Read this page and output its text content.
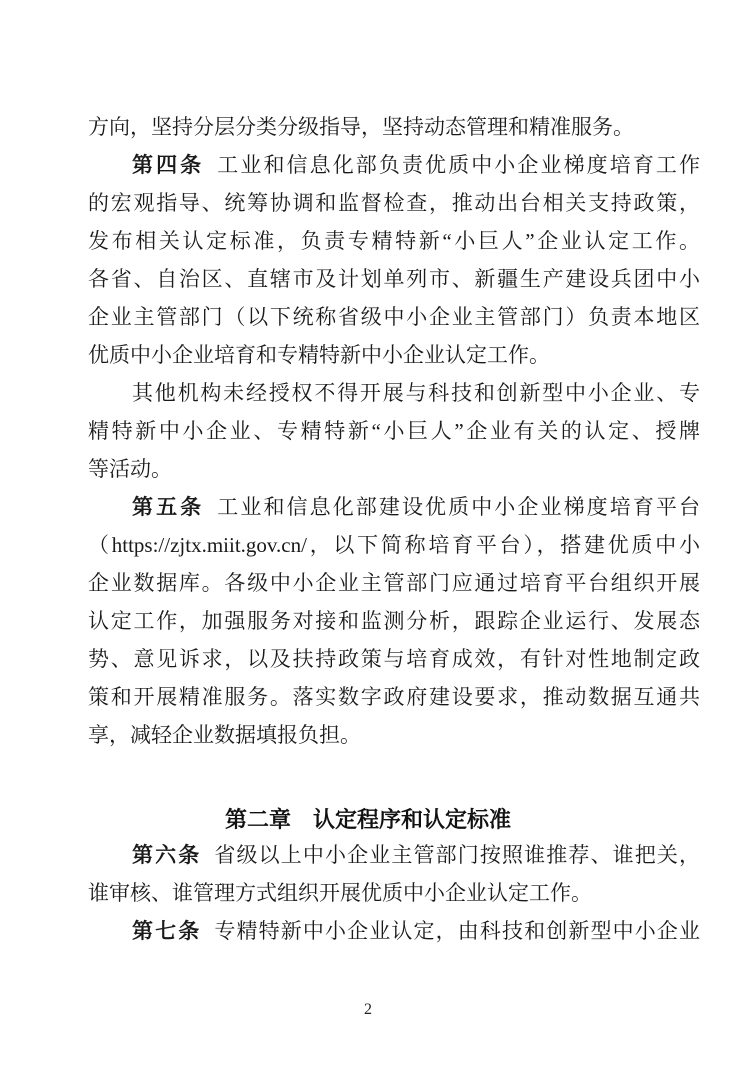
方向，坚持分层分类分级指导，坚持动态管理和精准服务。
第四条 工业和信息化部负责优质中小企业梯度培育工作
的宏观指导、统筹协调和监督检查，推动出台相关支持政策，
发布相关认定标准，负责专精特新“小巨人”企业认定工作。
各省、自治区、直辖市及计划单列市、新疆生产建设兵团中小
企业主管部门（以下统称省级中小企业主管部门）负责本地区
优质中小企业培育和专精特新中小企业认定工作。
其他机构未经授权不得开展与科技和创新型中小企业、专
精特新中小企业、专精特新“小巨人”企业有关的认定、授牌
等活动。
第五条 工业和信息化部建设优质中小企业梯度培育平台
（https://zjtx.miit.gov.cn/，以下简称培育平台），搭建优质中小
企业数据库。各级中小企业主管部门应通过培育平台组织开展
认定工作，加强服务对接和监测分析，跟踪企业运行、发展态
势、意见诉求，以及扶持政策与培育成效，有针对性地制定政
策和开展精准服务。落实数字政府建设要求，推动数据互通共
享，减轻企业数据填报负担。
第二章　认定程序和认定标准
第六条 省级以上中小企业主管部门按照谁推荐、谁把关，
谁审核、谁管理方式组织开展优质中小企业认定工作。
第七条 专精特新中小企业认定，由科技和创新型中小企业
2
